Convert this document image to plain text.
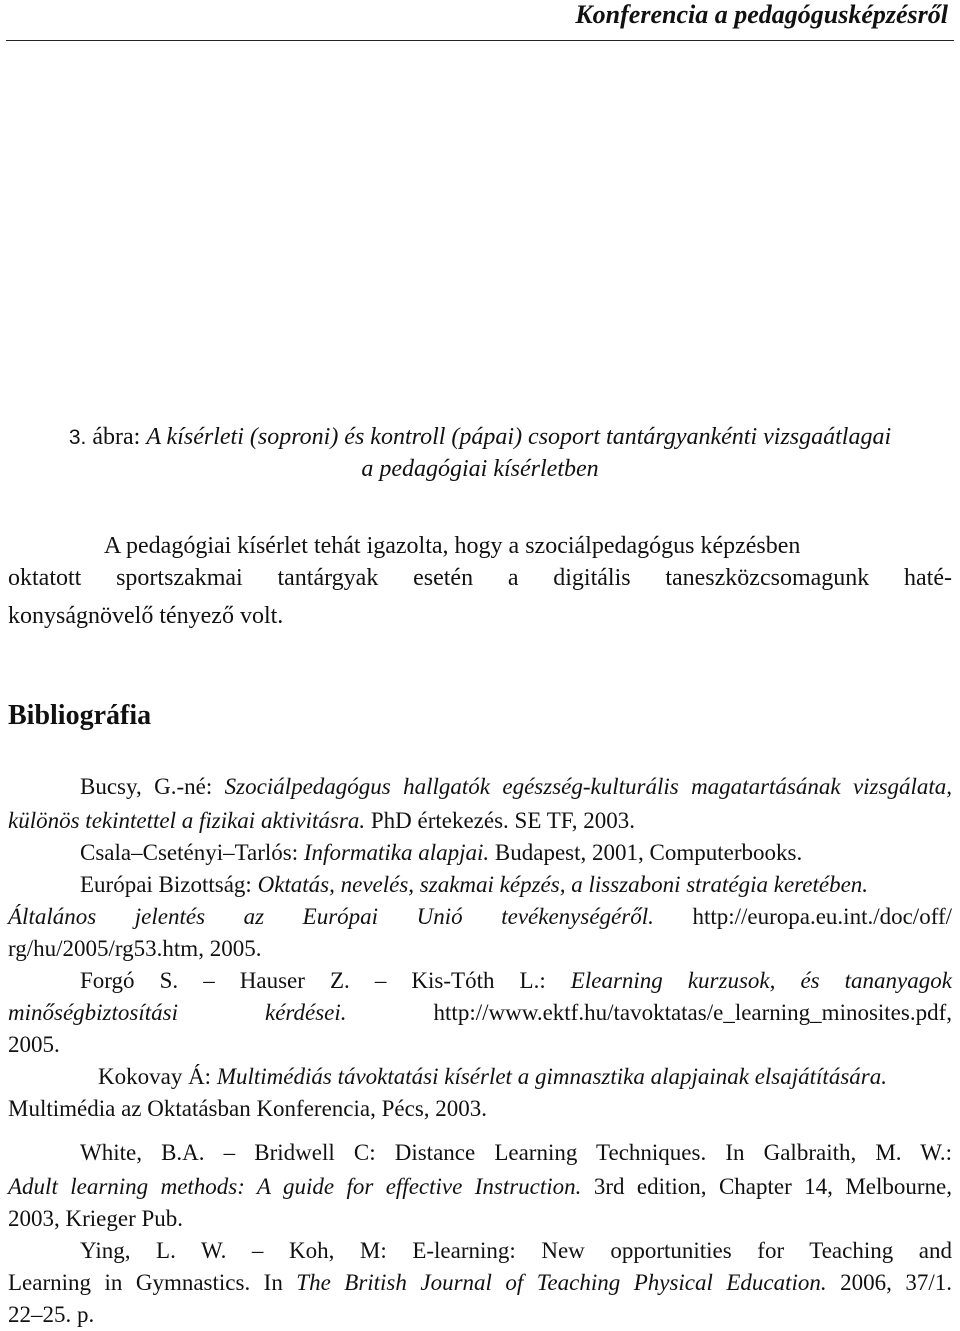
Konferencia a pedagógusképzésről
3. ábra: A kísérleti (soproni) és kontroll (pápai) csoport tantárgyankénti vizsgaátlagai
a pedagógiai kísérletben
A pedagógiai kísérlet tehát igazolta, hogy a szociálpedagógus képzésben
oktatott sportszakmai tantárgyak esetén a digitális taneszközcsomagunk haté-
konyságnövelő tényező volt.
Bibliográfia
Bucsy, G.-né: Szociálpedagógus hallgatók egészség-kulturális magatartásának vizsgálata,
különös tekintettel a fizikai aktivitásra. PhD értekezés. SE TF, 2003.
Csala–Csetényi–Tarlós: Informatika alapjai. Budapest, 2001, Computerbooks.
Európai Bizottság: Oktatás, nevelés, szakmai képzés, a lisszaboni stratégia keretében.
Általános jelentés az Európai Unió tevékenységéről. http://europa.eu.int./doc/off/
rg/hu/2005/rg53.htm, 2005.
Forgó S. – Hauser Z. – Kis-Tóth L.: Elearning kurzusok, és tananyagok
minőségbiztosítási kérdései. http://www.ektf.hu/tavoktatas/e_learning_minosites.pdf,
2005.
Kokovay Á: Multimédiás távoktatási kísérlet a gimnasztika alapjainak elsajátítására.
Multimédia az Oktatásban Konferencia, Pécs, 2003.
White, B.A. – Bridwell C: Distance Learning Techniques. In Galbraith, M. W.:
Adult learning methods: A guide for effective Instruction. 3rd edition, Chapter 14, Melbourne,
2003, Krieger Pub.
Ying, L. W. – Koh, M: E-learning: New opportunities for Teaching and
Learning in Gymnastics. In The British Journal of Teaching Physical Education. 2006, 37/1.
22–25. p.
